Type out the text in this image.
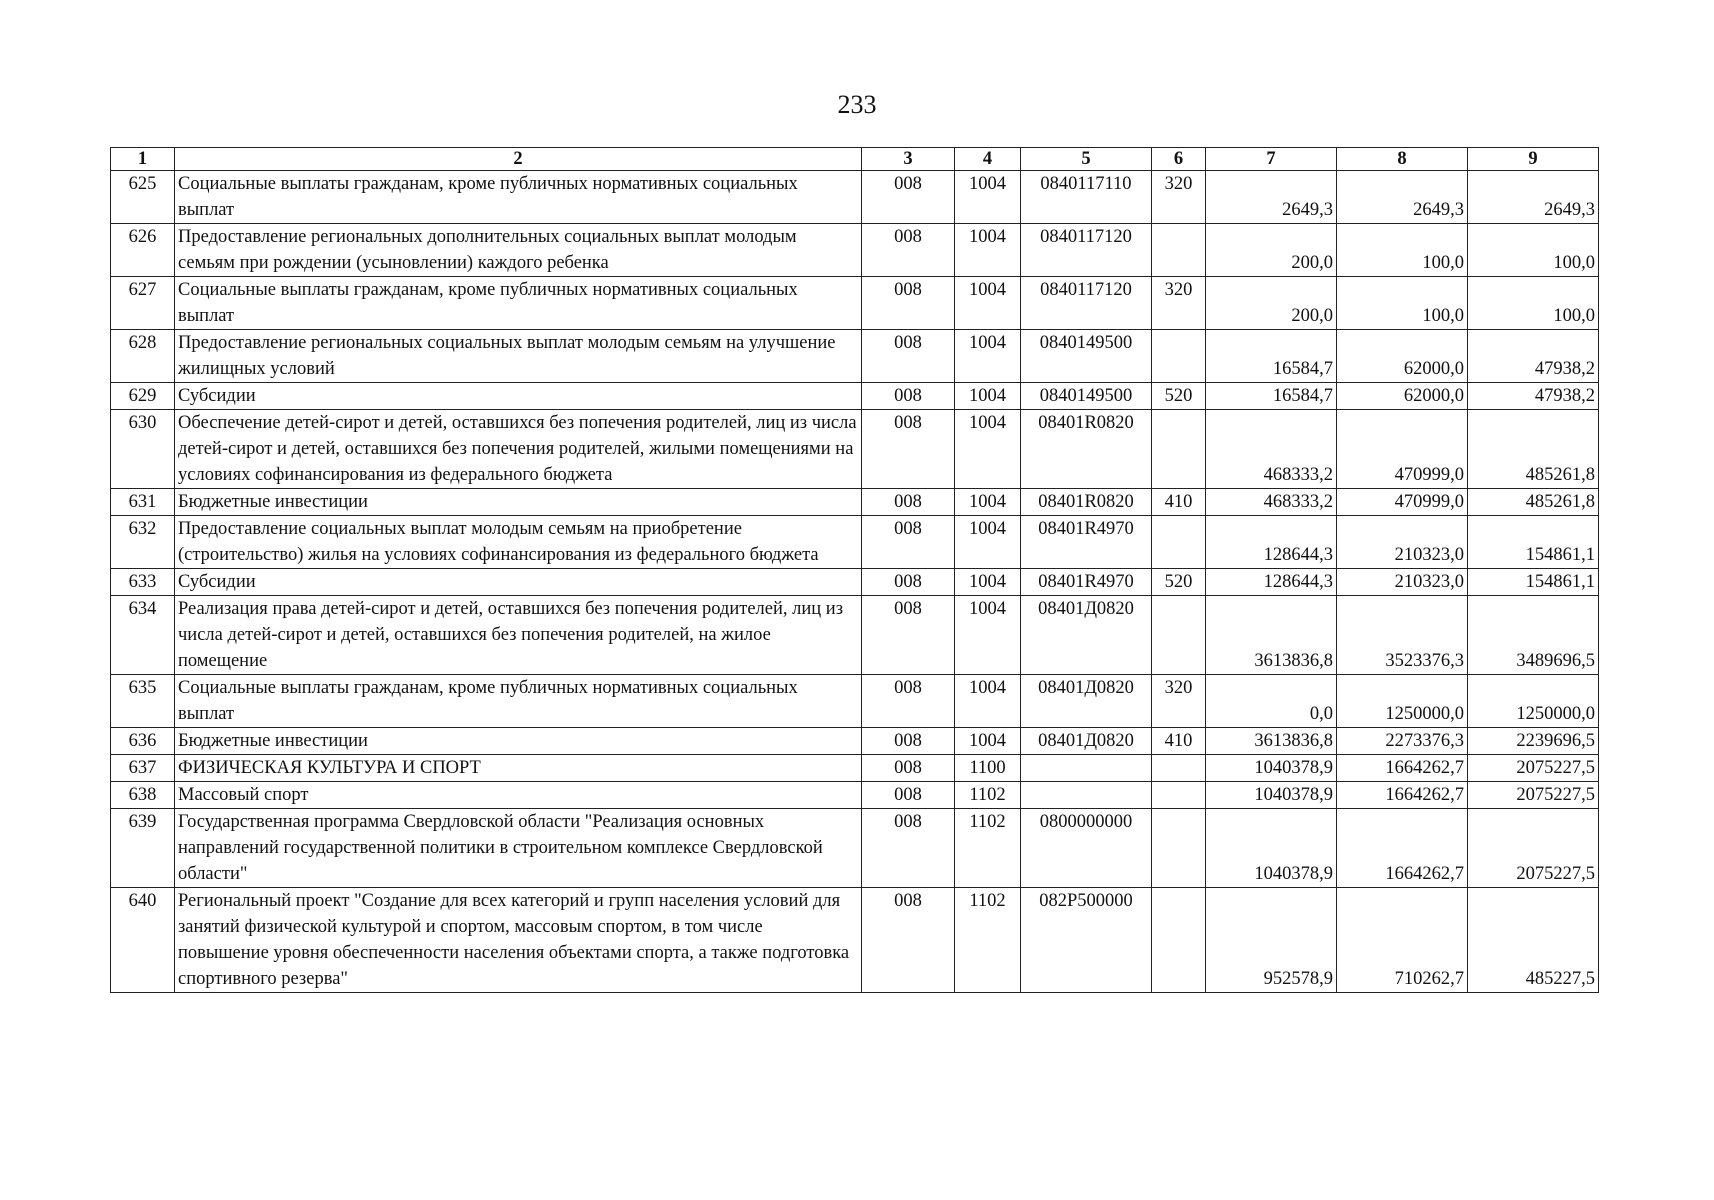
233
1	2	3	4	5	6	7	8	9
625	Социальные выплаты гражданам, кроме публичных нормативных социальных выплат	008	1004	0840117110	320	2649,3	2649,3	2649,3
626	Предоставление региональных дополнительных социальных выплат молодым семьям при рождении (усыновлении) каждого ребенка	008	1004	0840117120		200,0	100,0	100,0
627	Социальные выплаты гражданам, кроме публичных нормативных социальных выплат	008	1004	0840117120	320	200,0	100,0	100,0
628	Предоставление региональных социальных выплат молодым семьям на улучшение жилищных условий	008	1004	0840149500		16584,7	62000,0	47938,2
629	Субсидии	008	1004	0840149500	520	16584,7	62000,0	47938,2
630	Обеспечение детей-сирот и детей, оставшихся без попечения родителей, лиц из числа детей-сирот и детей, оставшихся без попечения родителей, жилыми помещениями на условиях софинансирования из федерального бюджета	008	1004	08401R0820		468333,2	470999,0	485261,8
631	Бюджетные инвестиции	008	1004	08401R0820	410	468333,2	470999,0	485261,8
632	Предоставление социальных выплат молодым семьям на приобретение (строительство) жилья на условиях софинансирования из федерального бюджета	008	1004	08401R4970		128644,3	210323,0	154861,1
633	Субсидии	008	1004	08401R4970	520	128644,3	210323,0	154861,1
634	Реализация права детей-сирот и детей, оставшихся без попечения родителей, лиц из числа детей-сирот и детей, оставшихся без попечения родителей, на жилое помещение	008	1004	08401Д0820		3613836,8	3523376,3	3489696,5
635	Социальные выплаты гражданам, кроме публичных нормативных социальных выплат	008	1004	08401Д0820	320	0,0	1250000,0	1250000,0
636	Бюджетные инвестиции	008	1004	08401Д0820	410	3613836,8	2273376,3	2239696,5
637	ФИЗИЧЕСКАЯ КУЛЬТУРА И СПОРТ	008	1100			1040378,9	1664262,7	2075227,5
638	Массовый спорт	008	1102			1040378,9	1664262,7	2075227,5
639	Государственная программа Свердловской области "Реализация основных направлений государственной политики в строительном комплексе Свердловской области"	008	1102	0800000000		1040378,9	1664262,7	2075227,5
640	Региональный проект "Создание для всех категорий и групп населения условий для занятий физической культурой и спортом, массовым спортом, в том числе повышение уровня обеспеченности населения объектами спорта, а также подготовка спортивного резерва"	008	1102	082P500000		952578,9	710262,7	485227,5
